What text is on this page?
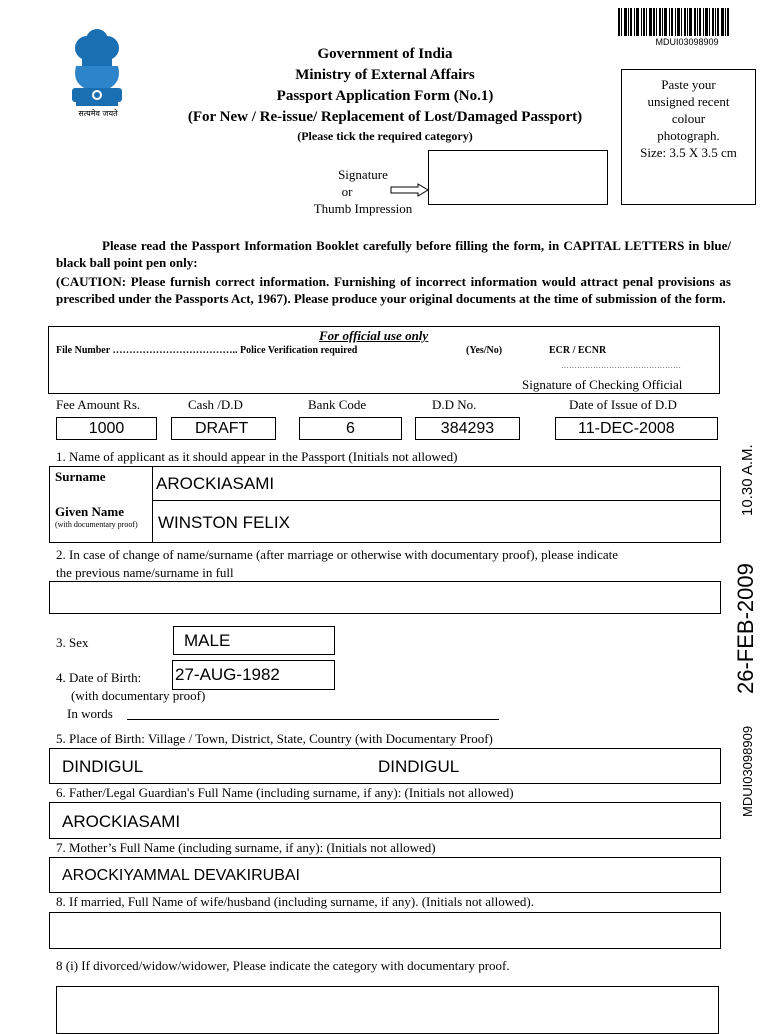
सत्यमेव जयते
Government of India
Ministry of External Affairs
Passport Application Form (No.1)
(For New / Re-issue/ Replacement of Lost/Damaged Passport)
(Please tick the required category)
MDUI03098909
Paste your
unsigned recent
colour
photograph.
Size: 3.5 X 3.5 cm
Signature
or
Thumb Impression
Please read the Passport Information Booklet carefully before filling the form, in CAPITAL LETTERS in blue/ black ball point pen only:
(CAUTION: Please furnish correct information. Furnishing of incorrect information would attract penal provisions as prescribed under the Passports Act, 1967). Please produce your original documents at the time of submission of the form.
For official use only
File Number ……………………………….. Police Verification required	(Yes/No)	ECR / ECNR
………………………………………
Signature of Checking Official
Fee Amount Rs.	Cash /D.D	Bank Code	D.D No.	Date of Issue of D.D
1000	DRAFT	6	384293	11-DEC-2008
26-FEB-2009
10.30 A.M.
MDUI03098909
1. Name of applicant as it should appear in the Passport (Initials not allowed)
Surname	AROCKIASAMI
Given Name
(with documentary proof) WINSTON FELIX
2. In case of change of name/surname (after marriage or otherwise with documentary proof), please indicate
the previous name/surname in full
3. Sex	MALE
4. Date of Birth: 27-AUG-1982
(with documentary proof)
In words
5. Place of Birth: Village / Town, District, State, Country (with Documentary Proof)
DINDIGUL	DINDIGUL
6. Father/Legal Guardian's Full Name (including surname, if any): (Initials not allowed)
AROCKIASAMI
7. Mother’s Full Name (including surname, if any): (Initials not allowed)
AROCKIYAMMAL DEVAKIRUBAI
8. If married, Full Name of wife/husband (including surname, if any). (Initials not allowed).
8 (i) If divorced/widow/widower, Please indicate the category with documentary proof.
